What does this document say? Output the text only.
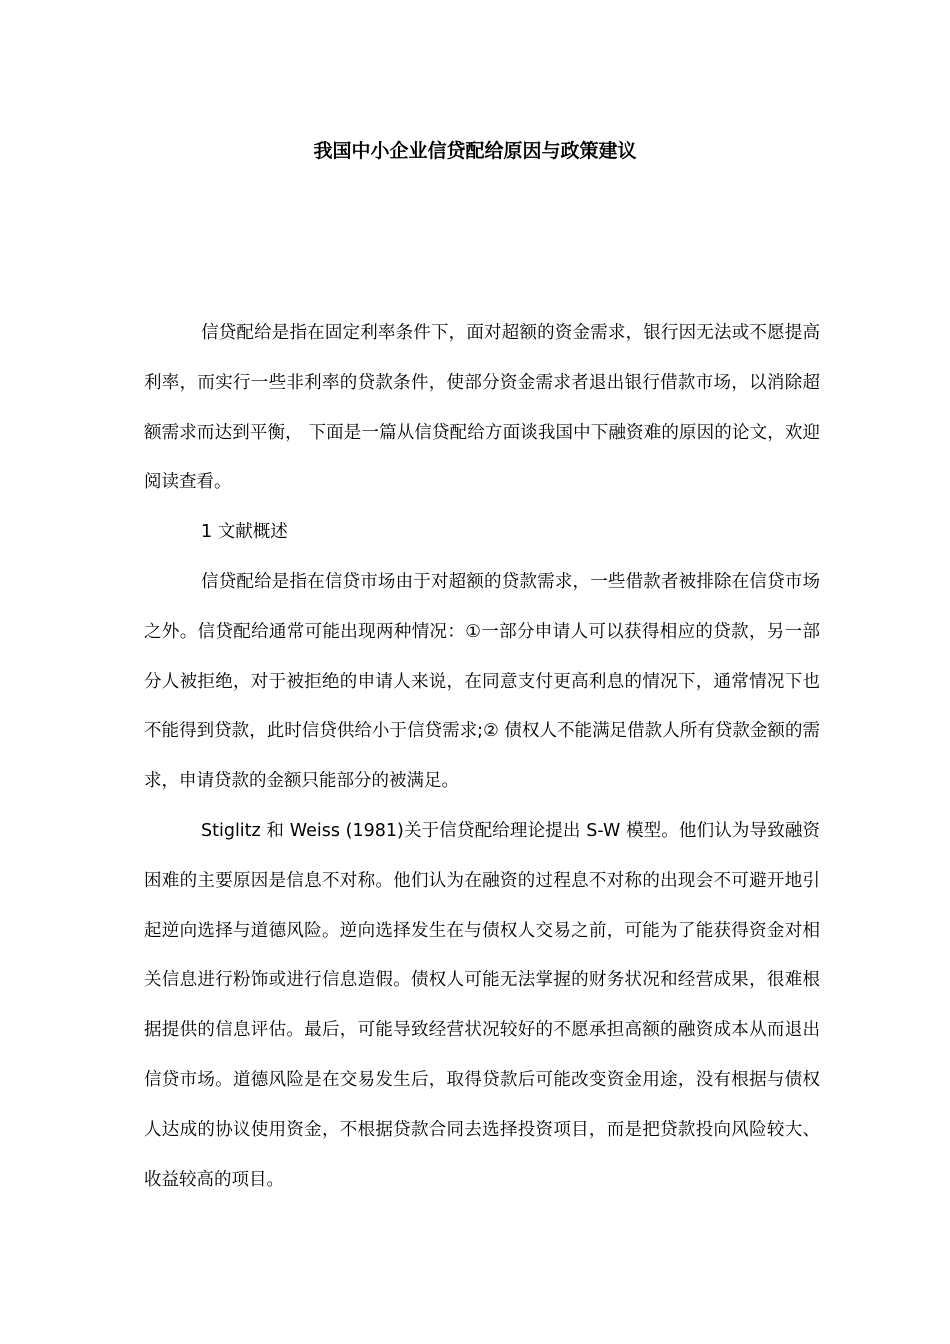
我国中小企业信贷配给原因与政策建议

信贷配给是指在固定利率条件下，面对超额的资金需求，银行因无法或不愿提高利率，而实行一些非利率的贷款条件，使部分资金需求者退出银行借款市场，以消除超额需求而达到平衡， 下面是一篇从信贷配给方面谈我国中下融资难的原因的论文，欢迎阅读查看。

1 文献概述

信贷配给是指在信贷市场由于对超额的贷款需求，一些借款者被排除在信贷市场之外。信贷配给通常可能出现两种情况：①一部分申请人可以获得相应的贷款，另一部分人被拒绝，对于被拒绝的申请人来说，在同意支付更高利息的情况下，通常情况下也不能得到贷款，此时信贷供给小于信贷需求;② 债权人不能满足借款人所有贷款金额的需求，申请贷款的金额只能部分的被满足。

Stiglitz 和 Weiss (1981)关于信贷配给理论提出 S-W 模型。他们认为导致融资困难的主要原因是信息不对称。他们认为在融资的过程息不对称的出现会不可避开地引起逆向选择与道德风险。逆向选择发生在与债权人交易之前，可能为了能获得资金对相关信息进行粉饰或进行信息造假。债权人可能无法掌握的财务状况和经营成果，很难根据提供的信息评估。最后，可能导致经营状况较好的不愿承担高额的融资成本从而退出信贷市场。道德风险是在交易发生后，取得贷款后可能改变资金用途，没有根据与债权人达成的协议使用资金，不根据贷款合同去选择投资项目，而是把贷款投向风险较大、收益较高的项目。
